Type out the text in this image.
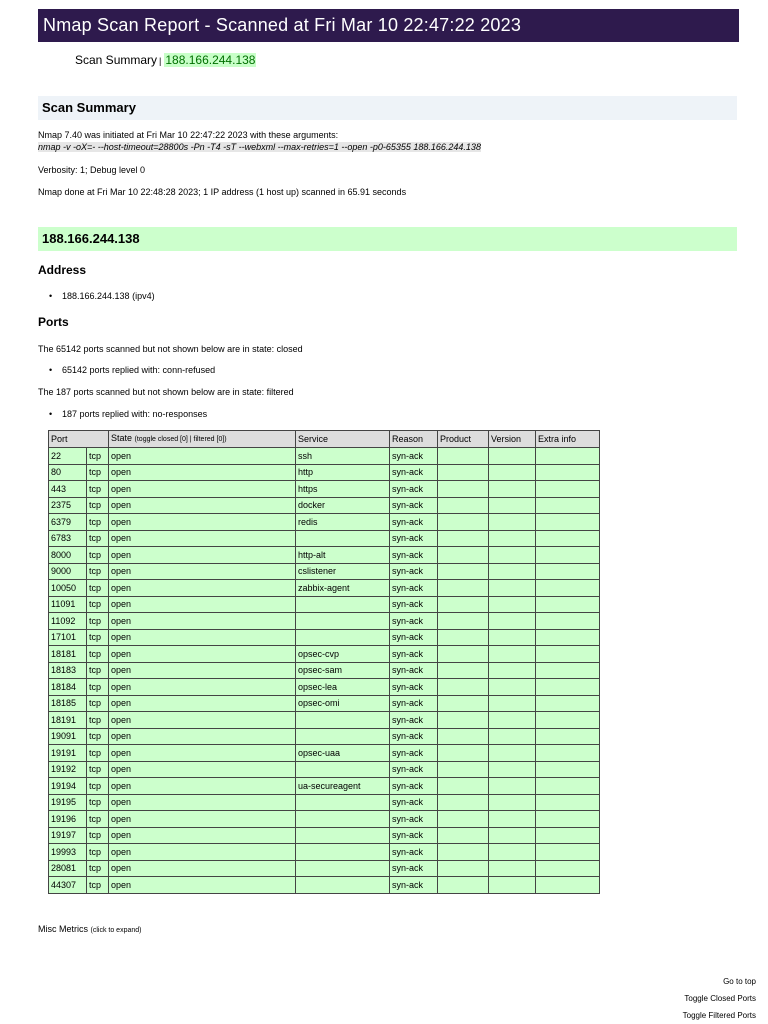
Nmap Scan Report - Scanned at Fri Mar 10 22:47:22 2023
Scan Summary | 188.166.244.138
Scan Summary
Nmap 7.40 was initiated at Fri Mar 10 22:47:22 2023 with these arguments:
nmap -v -oX=- --host-timeout=28800s -Pn -T4 -sT --webxml --max-retries=1 --open -p0-65355 188.166.244.138
Verbosity: 1; Debug level 0
Nmap done at Fri Mar 10 22:48:28 2023; 1 IP address (1 host up) scanned in 65.91 seconds
188.166.244.138
Address
• 188.166.244.138 (ipv4)
Ports
The 65142 ports scanned but not shown below are in state: closed
• 65142 ports replied with: conn-refused
The 187 ports scanned but not shown below are in state: filtered
• 187 ports replied with: no-responses
Port		State (toggle closed [0] | filtered [0])	Service	Reason	Product	Version	Extra info
22	tcp	open	ssh	syn-ack			
80	tcp	open	http	syn-ack			
443	tcp	open	https	syn-ack			
2375	tcp	open	docker	syn-ack			
6379	tcp	open	redis	syn-ack			
6783	tcp	open		syn-ack			
8000	tcp	open	http-alt	syn-ack			
9000	tcp	open	cslistener	syn-ack			
10050	tcp	open	zabbix-agent	syn-ack			
11091	tcp	open		syn-ack			
11092	tcp	open		syn-ack			
17101	tcp	open		syn-ack			
18181	tcp	open	opsec-cvp	syn-ack			
18183	tcp	open	opsec-sam	syn-ack			
18184	tcp	open	opsec-lea	syn-ack			
18185	tcp	open	opsec-omi	syn-ack			
18191	tcp	open		syn-ack			
19091	tcp	open		syn-ack			
19191	tcp	open	opsec-uaa	syn-ack			
19192	tcp	open		syn-ack			
19194	tcp	open	ua-secureagent	syn-ack			
19195	tcp	open		syn-ack			
19196	tcp	open		syn-ack			
19197	tcp	open		syn-ack			
19993	tcp	open		syn-ack			
28081	tcp	open		syn-ack			
44307	tcp	open		syn-ack			
Misc Metrics (click to expand)
Go to top
Toggle Closed Ports
Toggle Filtered Ports
